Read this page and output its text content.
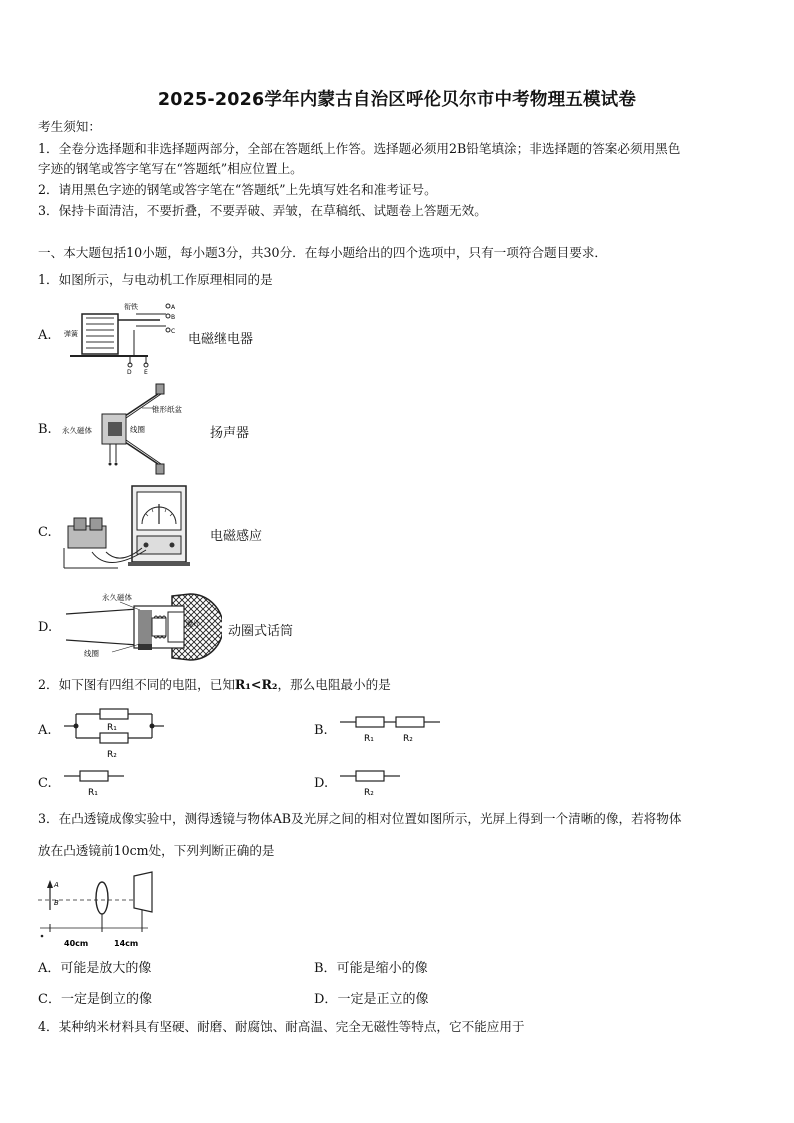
2025-2026学年内蒙古自治区呼伦贝尔市中考物理五模试卷
考生须知：
1．全卷分选择题和非选择题两部分，全部在答题纸上作答。选择题必须用2B铅笔填涂；非选择题的答案必须用黑色
字迹的钢笔或答字笔写在“答题纸”相应位置上。
2．请用黑色字迹的钢笔或答字笔在“答题纸”上先填写姓名和准考证号。
3．保持卡面清洁，不要折叠，不要弄破、弄皱，在草稿纸、试题卷上答题无效。
一、本大题包括10小题，每小题3分，共30分．在每小题给出的四个选项中，只有一项符合题目要求．
1．如图所示，与电动机工作原理相同的是
A.
衔铁
弹簧
A
B
C
D E
电磁继电器
B.
锥形纸盆
永久磁体	线圈	扬声器
C.	电磁感应
D.
永久磁体
线圈
膜片 动圈式话筒
2．如下图有四组不同的电阻，已知R₁<R₂，那么电阻最小的是
A.	R₁
R₂
B.
R₁	R₂
C.
R₁
D.
R₂
3．在凸透镜成像实验中，测得透镜与物体AB及光屏之间的相对位置如图所示，光屏上得到一个清晰的像，若将物体
放在凸透镜前10cm处，下列判断正确的是
A
B
40cm	14cm
A．可能是放大的像	B．可能是缩小的像
C．一定是倒立的像	D．一定是正立的像
4．某种纳米材料具有坚硬、耐磨、耐腐蚀、耐高温、完全无磁性等特点，它不能应用于
